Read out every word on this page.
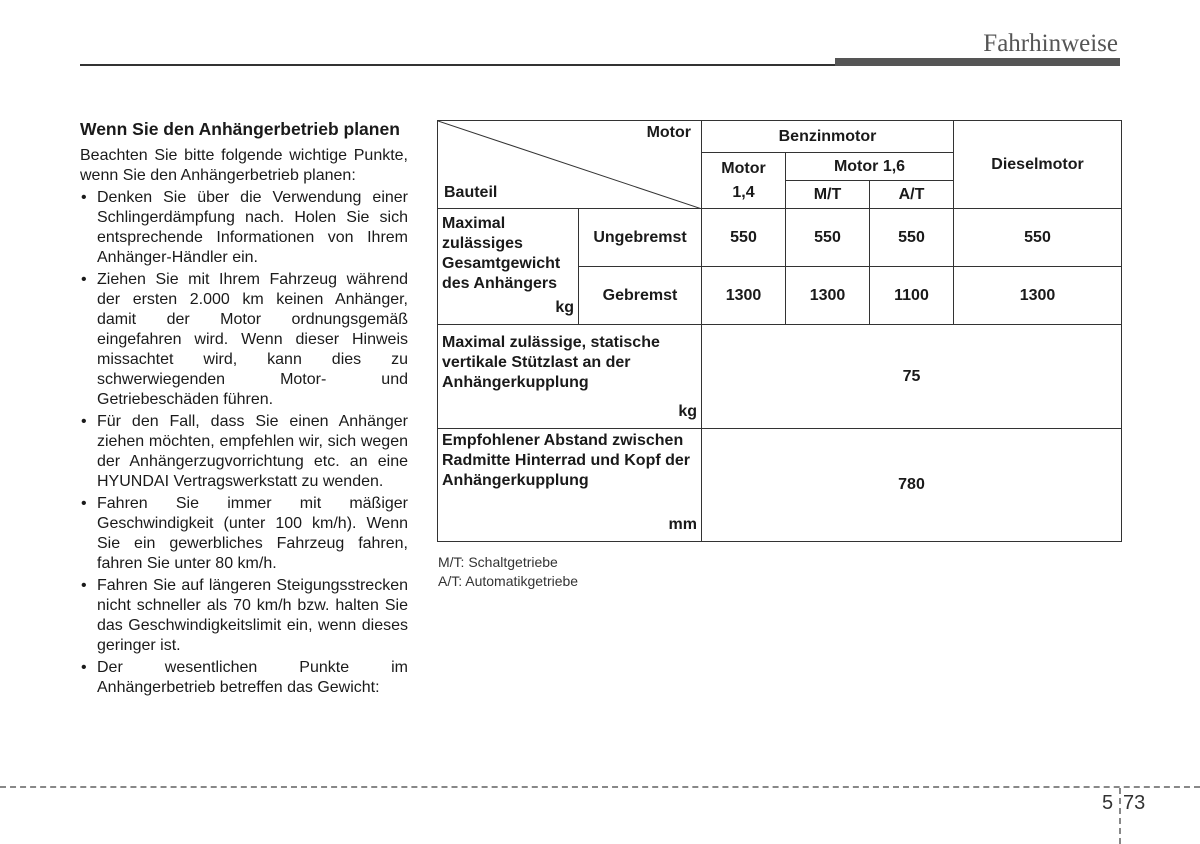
Fahrhinweise
Wenn Sie den Anhängerbetrieb planen

Beachten Sie bitte folgende wichtige Punkte, wenn Sie den Anhängerbetrieb planen:

• Denken Sie über die Verwendung einer Schlingerdämpfung nach. Holen Sie sich entsprechende Informationen von Ihrem Anhänger-Händler ein.
• Ziehen Sie mit Ihrem Fahrzeug während der ersten 2.000 km keinen Anhänger, damit der Motor ordnungsgemäß eingefahren wird. Wenn dieser Hinweis missachtet wird, kann dies zu schwerwiegenden Motor- und Getriebeschäden führen.
• Für den Fall, dass Sie einen Anhänger ziehen möchten, empfehlen wir, sich wegen der Anhängerzugvorrichtung etc. an eine HYUNDAI Vertragswerkstatt zu wenden.
• Fahren Sie immer mit mäßiger Geschwindigkeit (unter 100 km/h). Wenn Sie ein gewerbliches Fahrzeug fahren, fahren Sie unter 80 km/h.
• Fahren Sie auf längeren Steigungsstrecken nicht schneller als 70 km/h bzw. halten Sie das Geschwindigkeitslimit ein, wenn dieses geringer ist.
• Der wesentlichen Punkte im Anhängerbetrieb betreffen das Gewicht:
Motor
Bauteil		Benzinmotor			Dieselmotor
		Motor 1,4	Motor 1,6		
			M/T	A/T	

Maximal zulässiges Gesamtgewicht des Anhängers
kg	Ungebremst	550	550	550	550
	Gebremst	1300	1300	1100	1300

Maximal zulässige, statische vertikale Stützlast an der Anhängerkupplung
kg		75			

Empfohlener Abstand zwischen Radmitte Hinterrad und Kopf der Anhängerkupplung
mm		780			
M/T: Schaltgetriebe
A/T: Automatikgetriebe
5 73
